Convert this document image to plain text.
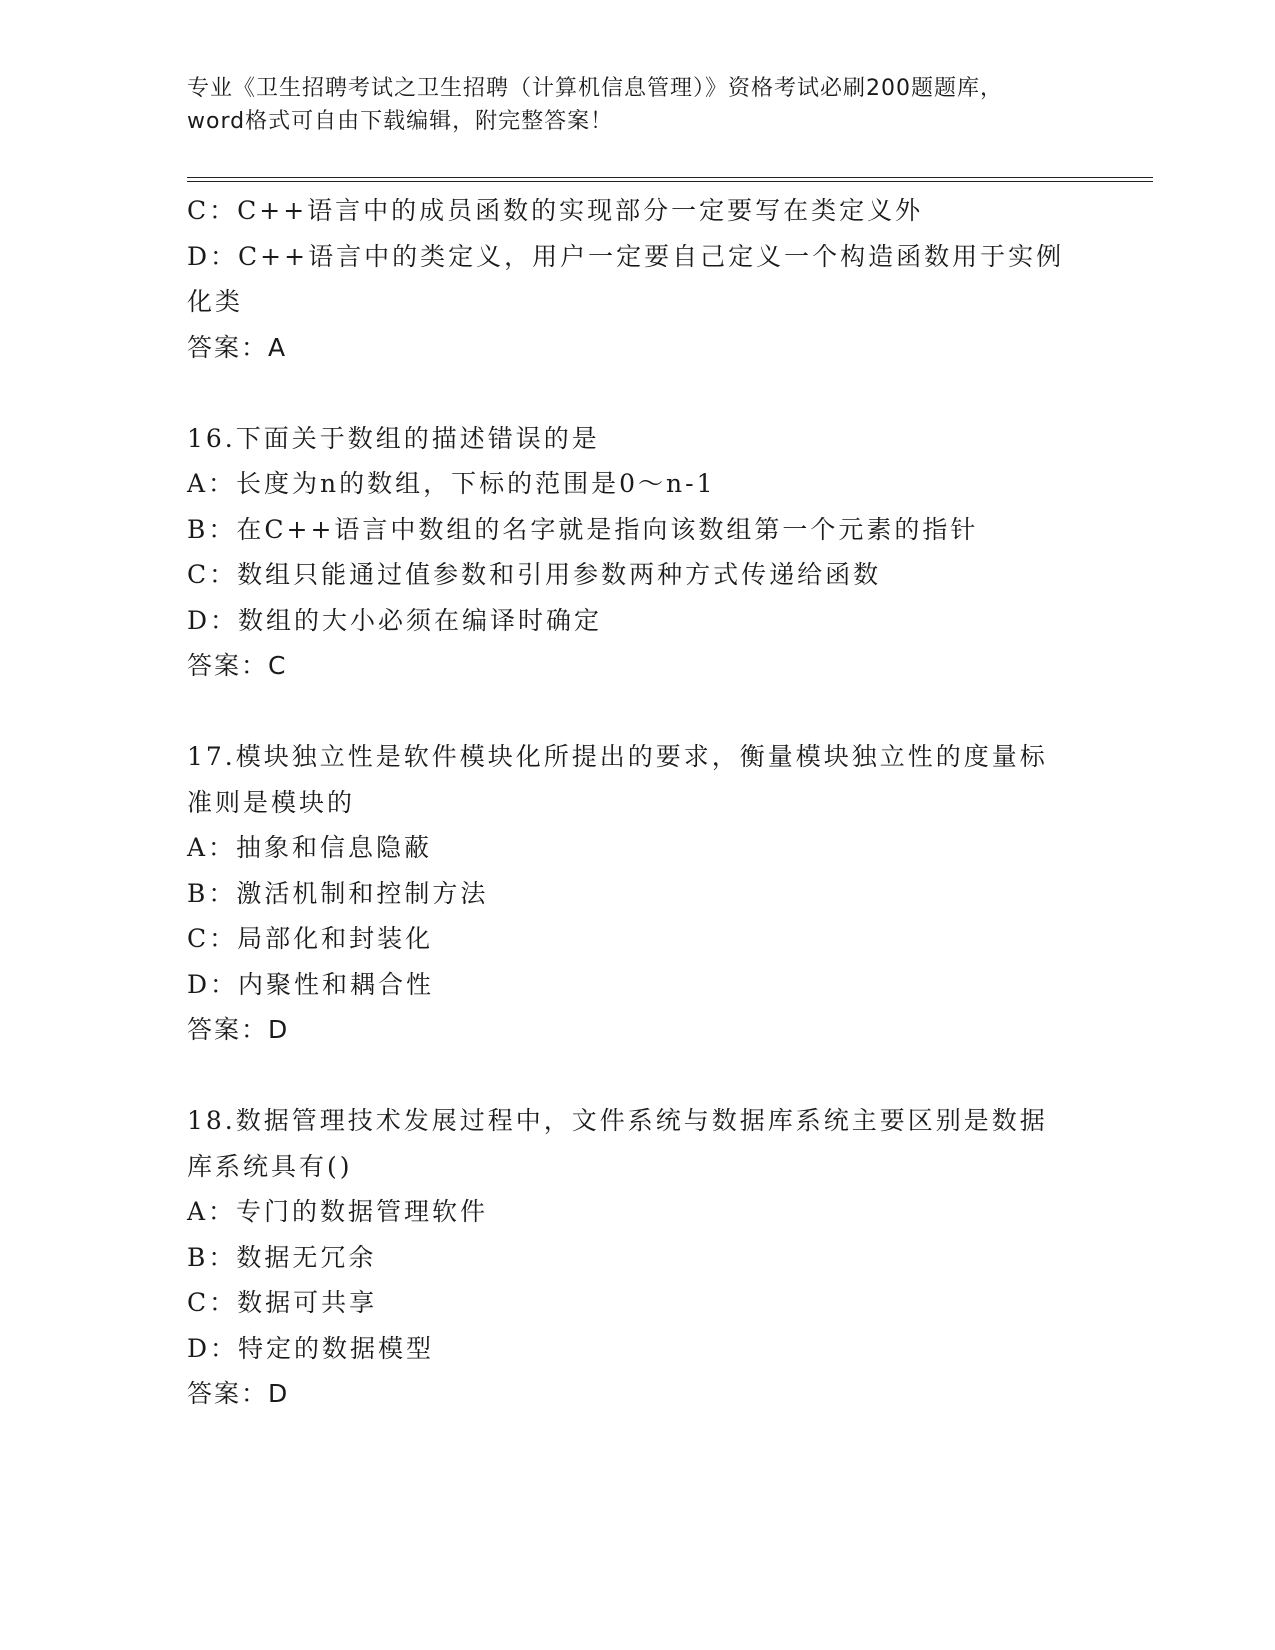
专业《卫生招聘考试之卫生招聘（计算机信息管理）》资格考试必刷200题题库，
word格式可自由下载编辑，附完整答案！
C：C++语言中的成员函数的实现部分一定要写在类定义外
D：C++语言中的类定义，用户一定要自己定义一个构造函数用于实例
化类
答案：A
16.下面关于数组的描述错误的是
A：长度为n的数组，下标的范围是0～n-1
B：在C++语言中数组的名字就是指向该数组第一个元素的指针
C：数组只能通过值参数和引用参数两种方式传递给函数
D：数组的大小必须在编译时确定
答案：C
17.模块独立性是软件模块化所提出的要求，衡量模块独立性的度量标
准则是模块的
A：抽象和信息隐蔽
B：激活机制和控制方法
C：局部化和封装化
D：内聚性和耦合性
答案：D
18.数据管理技术发展过程中，文件系统与数据库系统主要区别是数据
库系统具有()
A：专门的数据管理软件
B：数据无冗余
C：数据可共享
D：特定的数据模型
答案：D
